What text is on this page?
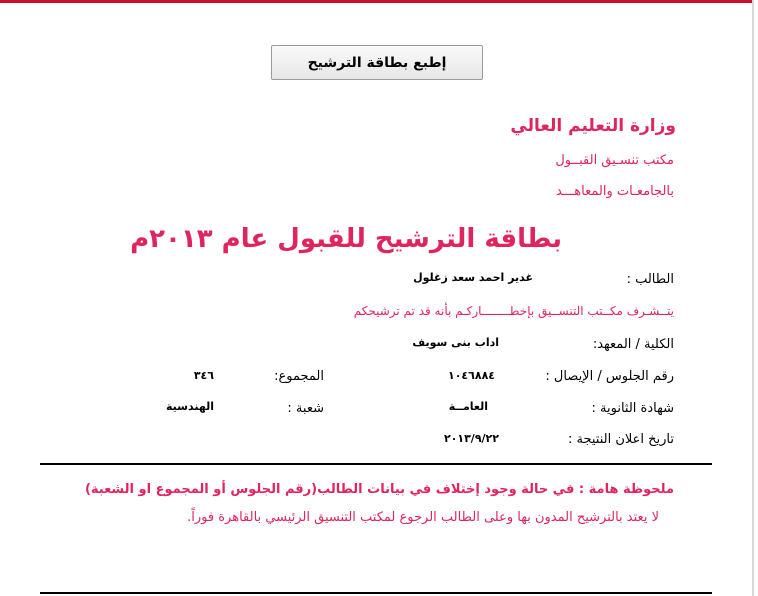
إطبع بطاقة الترشيح
وزارة التعليم العالي
مكتب تنسـيق القبــول
بالجامعـات والمعاهـــد
بطاقة الترشيح للقبول عام ٢٠١٣م
الطالب :
غدير احمد سعد زغلول
يتــشـرف مكــتب التنســيق بإخطــــــــاركـم بأنه قد تم ترشيحكم
الكلية / المعهد:
اداب بنى سويف
رقم الجلوس / الإيصال :
١٠٤٦٨٨٤
المجموع:
٣٤٦
شهادة الثانوية :
العامــة
شعبة :
الهندسية
تاريخ اعلان النتيجة :
٢٠١٣/٩/٢٢
ملحوظة هامة : في حالة وجود إختلاف في بيانات الطالب(رقم الجلوس أو المجموع او الشعبة)
لا يعتد بالترشيح المدون بها وعلى الطالب الرجوع لمكتب التنسيق الرئيسي بالقاهرة فوراً.
